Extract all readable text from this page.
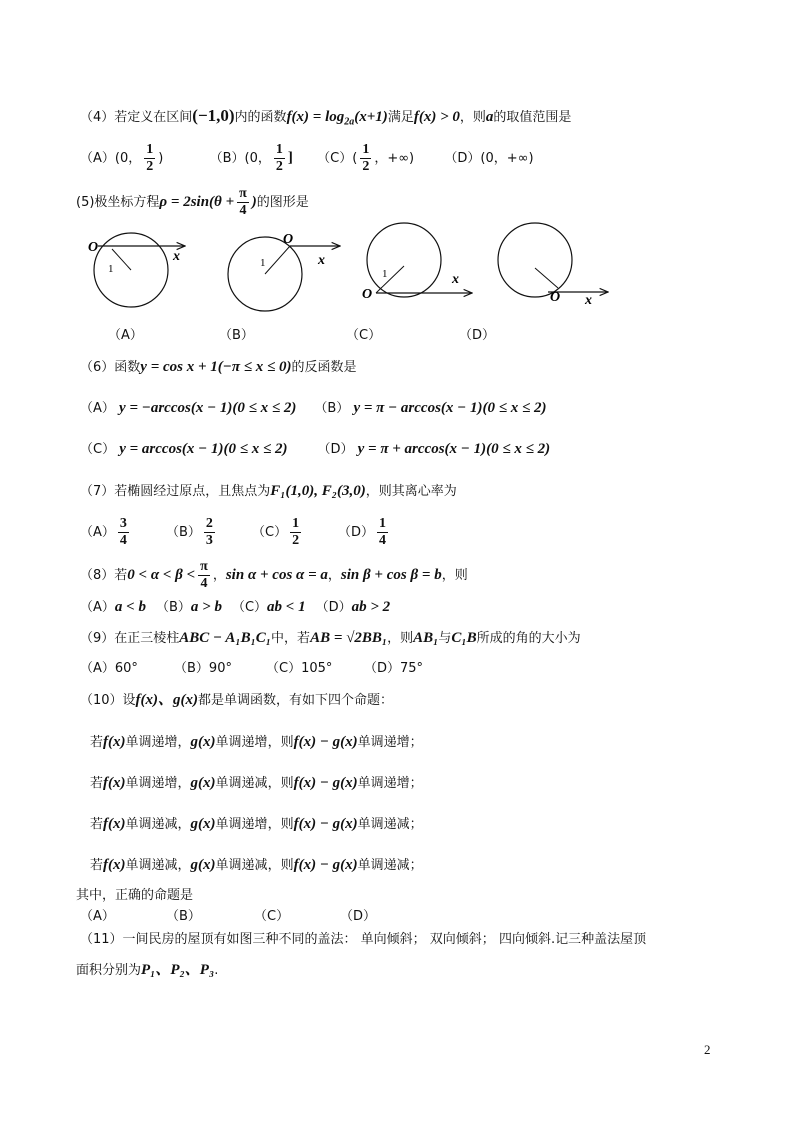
（4）若定义在区间(−1,0)内的函数$f(x) = \log_{2a}(x+1)$满足f(x) > 0，则a的取值范围是
（A）(0， $\frac{1}{2}$ )	（B）(0， $\frac{1}{2}$ ] $(C)( \frac{1}{2}$ ，+∞) （D）(0，+∞)
(5)极坐标方程$\rho = 2\sin(\theta + \frac{\pi}{4}$ )的图形是
O
x
1
O
x
1
O
x
1
O x
（A）	（B）	（C）	（D）
（6）函数y = cos x + 1(−π ≤ x ≤ 0)的反函数是
（A） y = −arccos(x − 1)(0 ≤ x ≤ 2) （B） y = π − arccos(x − 1)(0 ≤ x ≤ 2)
（C） y = arccos(x − 1)(0 ≤ x ≤ 2) （D） y = π + arccos(x − 1)(0 ≤ x ≤ 2)
（7）若椭圆经过原点，且焦点为F₁(1,0), F₂(3,0)，则其离心率为
$(A) \frac{3}{4}$	$(B) \frac{2}{3}$	$(C) \frac{1}{2}$	$(D) \frac{1}{4}$
（8）若$0 < \alpha < \beta < \frac{\pi}{4}$ ，sin α + cos α = a，sin β + cos β = b，则
（A）a < b （B）a > b （C）ab < 1 （D）ab > 2
（9）在正三棱柱ABC − A₁B₁C₁中，若AB = √2BB₁，则AB₁与C₁B所成的角的大小为
（A）60°	（B）90°	（C）105° （D）75°
（10）设f(x)、g(x)都是单调函数，有如下四个命题：
若f(x)单调递增，g(x)单调递增，则f(x) − g(x)单调递增；
若f(x)单调递增，g(x)单调递减，则f(x) − g(x)单调递增；
若f(x)单调递减，g(x)单调递增，则f(x) − g(x)单调递减；
若f(x)单调递减，g(x)单调递减，则f(x) − g(x)单调递减；
其中，正确的命题是
（A）	（B）	（C）	（D）
（11）一间民房的屋顶有如图三种不同的盖法： 单向倾斜； 双向倾斜； 四向倾斜.记三种盖法屋顶
面积分别为P₁、P₂、P₃.
2
